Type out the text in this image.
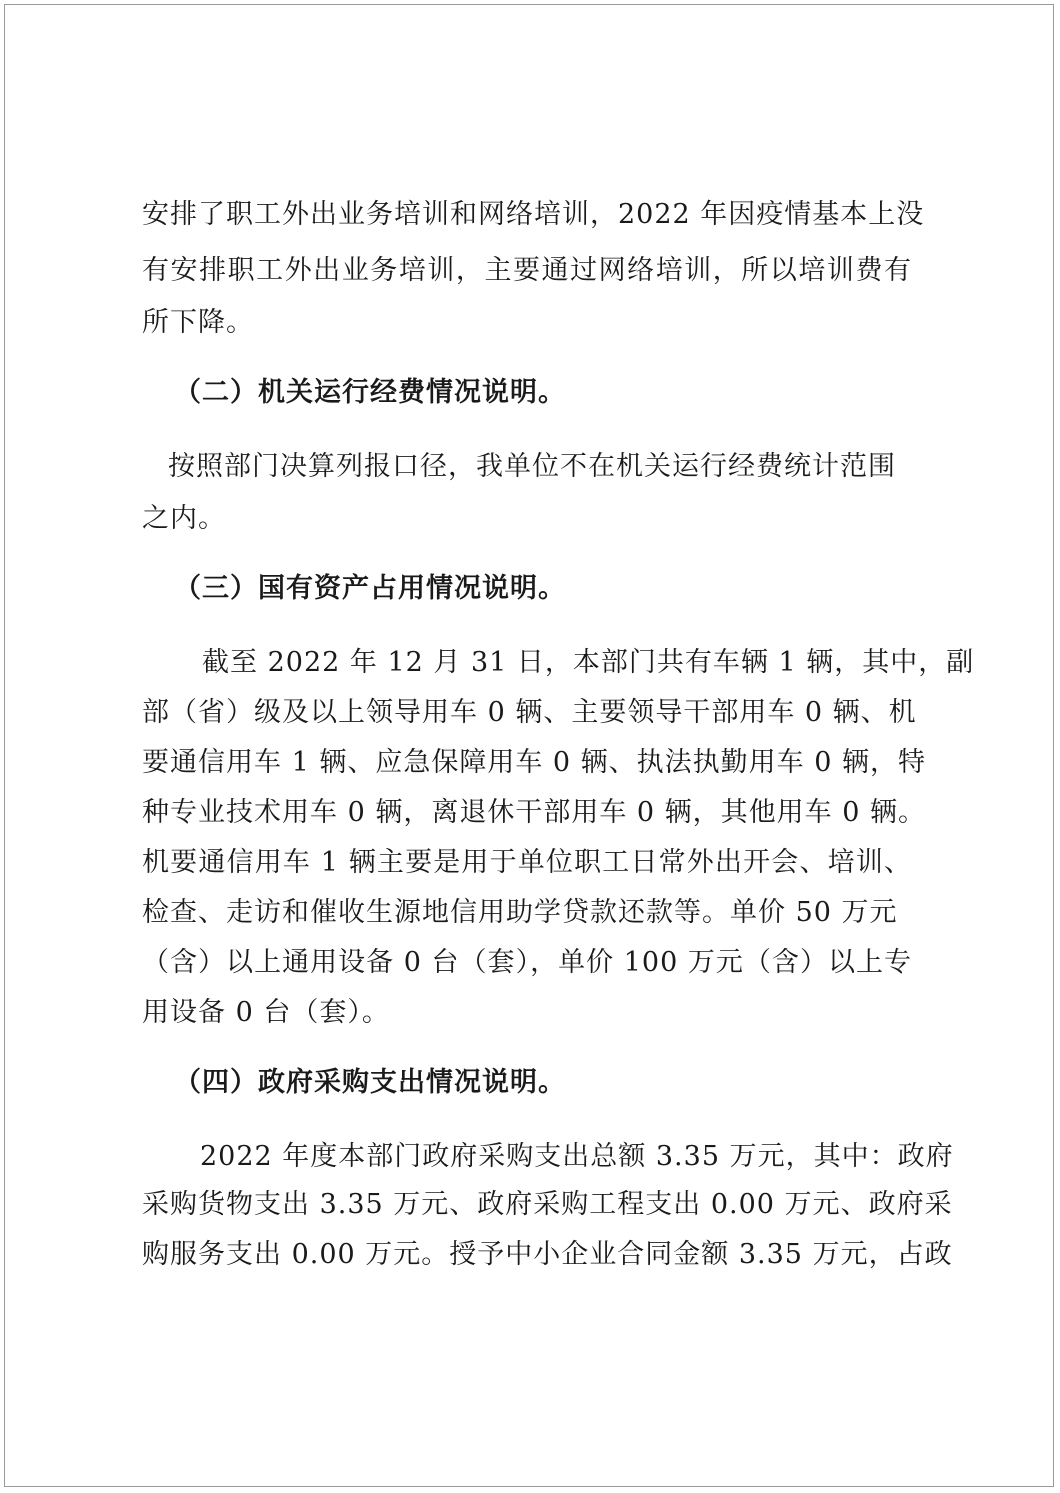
安排了职工外出业务培训和网络培训，2022 年因疫情基本上没
有安排职工外出业务培训，主要通过网络培训，所以培训费有
所下降。
（二）机关运行经费情况说明。
按照部门决算列报口径，我单位不在机关运行经费统计范围
之内。
（三）国有资产占用情况说明。
截至 2022 年 12 月 31 日，本部门共有车辆 1 辆，其中，副
部（省）级及以上领导用车 0 辆、主要领导干部用车 0 辆、机
要通信用车 1 辆、应急保障用车 0 辆、执法执勤用车 0 辆，特
种专业技术用车 0 辆，离退休干部用车 0 辆，其他用车 0 辆。
机要通信用车 1 辆主要是用于单位职工日常外出开会、培训、
检查、走访和催收生源地信用助学贷款还款等。单价 50 万元
（含）以上通用设备 0 台（套），单价 100 万元（含）以上专
用设备 0 台（套）。
（四）政府采购支出情况说明。
2022 年度本部门政府采购支出总额 3.35 万元，其中：政府
采购货物支出 3.35 万元、政府采购工程支出 0.00 万元、政府采
购服务支出 0.00 万元。授予中小企业合同金额 3.35 万元，占政
